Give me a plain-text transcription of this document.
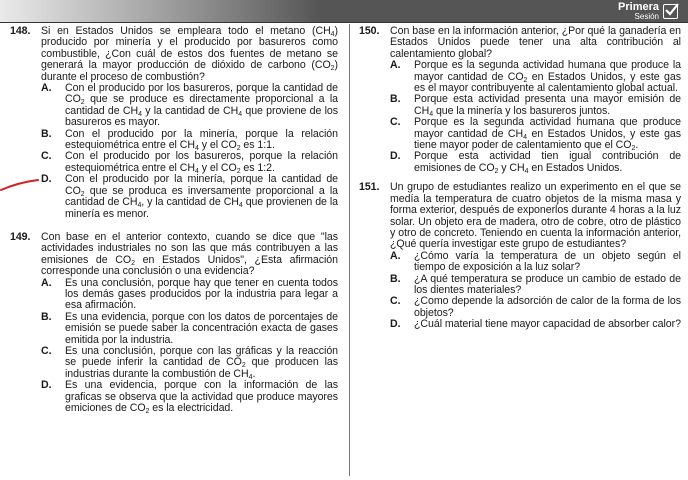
Primera
Sesión
148. Si en Estados Unidos se empleara todo el metano $(CH_4)$ producido por minería y el producido por basureros como combustible, ¿Con cuál de estos dos fuentes de metano se generará la mayor producción de dióxido de carbono $(CO_2)$ durante el proceso de combustión?
A.	Con el producido por los basureros, porque la cantidad de $CO_2$ que se produce es directamente proporcional a la cantidad de $CH_4$ y la cantidad de $CH_4$ que proviene de los basureros es mayor.
B.	Con el producido por la minería, porque la relación estequiométrica entre el $CH_4$ y el $CO_2$ es 1:1.
C.	Con el producido por los basureros, porque la relación estequiométrica entre el $CH_4$ y el $CO_2$ es 1:2.
D.	Con el producido por la minería, porque la cantidad de $CO_2$ que se produca es inversamente proporcional a la cantidad de $CH_4$, y la cantidad de $CH_4$ que provienen de la minería es menor.
149. Con base en el anterior contexto, cuando se dice que "las actividades industriales no son las que más contribuyen a las emisiones de $CO_2$ en Estados Unidos", ¿Esta afirmación corresponde una conclusión o una evidencia?
A.	Es una conclusión, porque hay que tener en cuenta todos los demás gases producidos por la industria para legar a esa afirmación.
B.	Es una evidencia, porque con los datos de porcentajes de emisión se puede saber la concentración exacta de gases emitida por la industria.
C.	Es una conclusión, porque con las gráficas y la reacción se puede inferir la cantidad de $CO_2$ que producen las industrias durante la combustión de $CH_4$.
D.	Es una evidencia, porque con la información de las graficas se observa que la actividad que produce mayores emiciones de $CO_2$ es la electricidad.
150. Con base en la información anterior, ¿Por qué la ganadería en Estados Unidos puede tener una alta contribución al calentamiento global?
A.	Porque es la segunda actividad humana que produce la mayor cantidad de $CO_2$ en Estados Unidos, y este gas es el mayor contribuyente al calentamiento global actual.
B.	Porque esta actividad presenta una mayor emisión de $CH_4$ que la minería y los basureros juntos.
C.	Porque es la segunda actividad humana que produce mayor cantidad de $CH_4$ en Estados Unidos, y este gas tiene mayor poder de calentamiento que el $CO_2$.
D.	Porque esta actividad tien igual contribución de emisiones de $CO_2$ y $CH_4$ en Estados Unidos.
151. Un grupo de estudiantes realizo un experimento en el que se medía la temperatura de cuatro objetos de la misma masa y forma exterior, después de exponerlos durante 4 horas a la luz solar. Un objeto era de madera, otro de cobre, otro de plástico y otro de concreto. Teniendo en cuenta la información anterior, ¿Qué quería investigar este grupo de estudiantes?
A.	¿Cómo varía la temperatura de un objeto según el tiempo de exposición a la luz solar?
B.	¿A qué temperatura se produce un cambio de estado de los dientes materiales?
C.	¿Como depende la adsorción de calor de la forma de los objetos?
D.	¿Cuál material tiene mayor capacidad de absorber calor?
